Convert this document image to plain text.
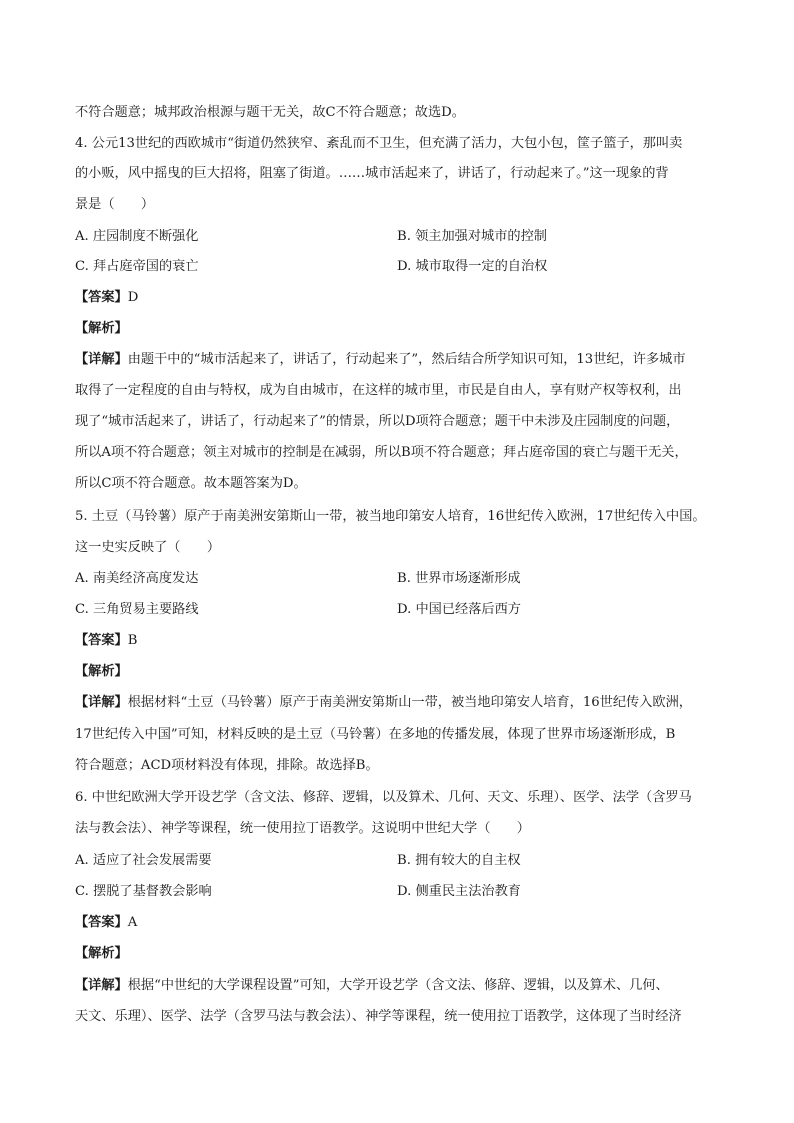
不符合题意；城邦政治根源与题干无关，故C不符合题意；故选D。
4. 公元13世纪的西欧城市“街道仍然狭窄、紊乱而不卫生，但充满了活力，大包小包，筐子篮子，那叫卖
的小贩，风中摇曳的巨大招将，阻塞了街道。……城市活起来了，讲话了，行动起来了。”这一现象的背
景是（　　）
A. 庄园制度不断强化	B. 领主加强对城市的控制
C. 拜占庭帝国的衰亡	D. 城市取得一定的自治权
【答案】D
【解析】
【详解】由题干中的“城市活起来了，讲话了，行动起来了”，然后结合所学知识可知，13世纪，许多城市
取得了一定程度的自由与特权，成为自由城市，在这样的城市里，市民是自由人，享有财产权等权利，出
现了“城市活起来了，讲话了，行动起来了”的情景，所以D项符合题意；题干中未涉及庄园制度的问题，
所以A项不符合题意；领主对城市的控制是在减弱，所以B项不符合题意；拜占庭帝国的衰亡与题干无关，
所以C项不符合题意。故本题答案为D。
5. 土豆（马铃薯）原产于南美洲安第斯山一带，被当地印第安人培育，16世纪传入欧洲，17世纪传入中国。
这一史实反映了（　　）
A. 南美经济高度发达	B. 世界市场逐渐形成
C. 三角贸易主要路线	D. 中国已经落后西方
【答案】B
【解析】
【详解】根据材料“土豆（马铃薯）原产于南美洲安第斯山一带，被当地印第安人培育，16世纪传入欧洲，
17世纪传入中国”可知，材料反映的是土豆（马铃薯）在多地的传播发展，体现了世界市场逐渐形成，B
符合题意；ACD项材料没有体现，排除。故选择B。
6. 中世纪欧洲大学开设艺学（含文法、修辞、逻辑，以及算术、几何、天文、乐理）、医学、法学（含罗马
法与教会法）、神学等课程，统一使用拉丁语教学。这说明中世纪大学（　　）
A. 适应了社会发展需要	B. 拥有较大的自主权
C. 摆脱了基督教会影响	D. 侧重民主法治教育
【答案】A
【解析】
【详解】根据“中世纪的大学课程设置”可知，大学开设艺学（含文法、修辞、逻辑，以及算术、几何、
天文、乐理）、医学、法学（含罗马法与教会法）、神学等课程，统一使用拉丁语教学，这体现了当时经济
